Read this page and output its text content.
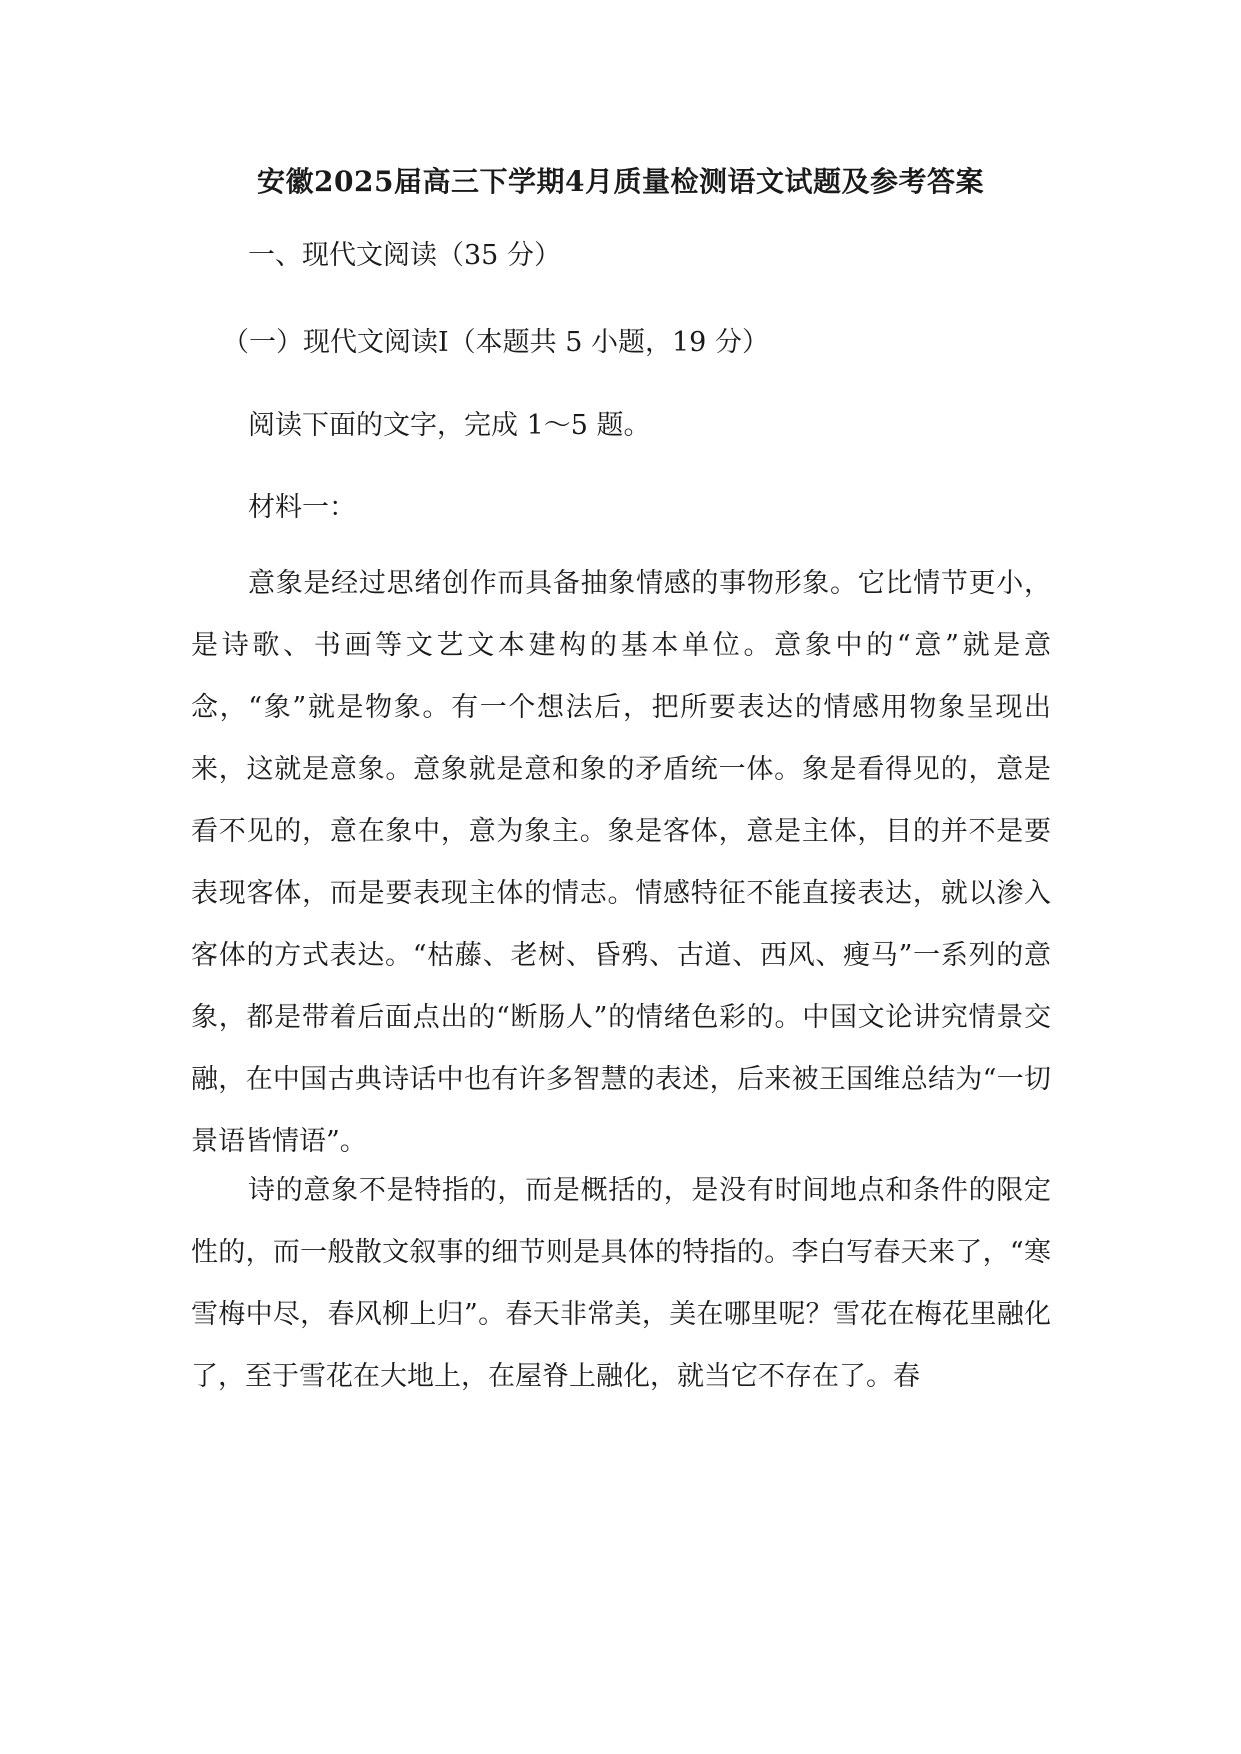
安徽2025届高三下学期4月质量检测语文试题及参考答案
一、现代文阅读（35 分）
（一）现代文阅读Ⅰ（本题共 5 小题，19 分）
阅读下面的文字，完成 1～5 题。
材料一：
意象是经过思绪创作而具备抽象情感的事物形象。它比情节更小，是诗歌、书画等文艺文本建构的基本单位。意象中的“意”就是意念，“象”就是物象。有一个想法后，把所要表达的情感用物象呈现出来，这就是意象。意象就是意和象的矛盾统一体。象是看得见的，意是看不见的，意在象中，意为象主。象是客体，意是主体，目的并不是要表现客体，而是要表现主体的情志。情感特征不能直接表达，就以渗入客体的方式表达。“枯藤、老树、昏鸦、古道、西风、瘦马”一系列的意象，都是带着后面点出的“断肠人”的情绪色彩的。中国文论讲究情景交融，在中国古典诗话中也有许多智慧的表述，后来被王国维总结为“一切景语皆情语”。
诗的意象不是特指的，而是概括的，是没有时间地点和条件的限定性的，而一般散文叙事的细节则是具体的特指的。李白写春天来了，“寒雪梅中尽，春风柳上归”。春天非常美，美在哪里呢？雪花在梅花里融化了，至于雪花在大地上，在屋脊上融化，就当它不存在了。春
